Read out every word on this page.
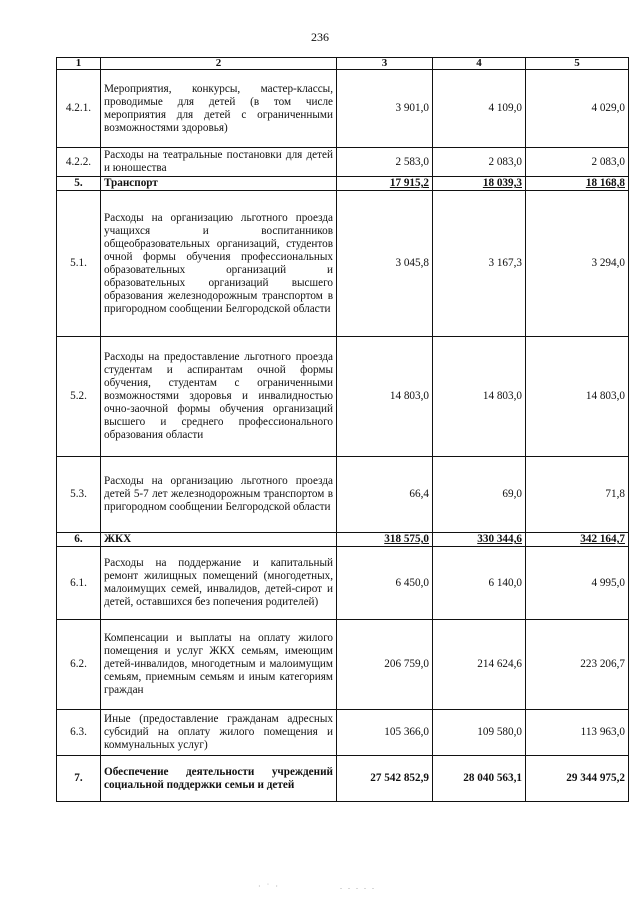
236
1	2	3	4	5
4.2.1.	Мероприятия, конкурсы, мастер-классы, проводимые для детей (в том числе мероприятия для детей с ограниченными возможностями здоровья)	3 901,0	4 109,0	4 029,0
4.2.2.	Расходы на театральные постановки для детей и юношества	2 583,0	2 083,0	2 083,0
5.	Транспорт	17 915,2	18 039,3	18 168,8
5.1.	Расходы на организацию льготного проезда учащихся и воспитанников общеобразовательных организаций, студентов очной формы обучения профессиональных образовательных организаций и образовательных организаций высшего образования железнодорожным транспортом в пригородном сообщении Белгородской области	3 045,8	3 167,3	3 294,0
5.2.	Расходы на предоставление льготного проезда студентам и аспирантам очной формы обучения, студентам с ограниченными возможностями здоровья и инвалидностью очно-заочной формы обучения организаций высшего и среднего профессионального образования области	14 803,0	14 803,0	14 803,0
5.3.	Расходы на организацию льготного проезда детей 5-7 лет железнодорожным транспортом в пригородном сообщении Белгородской области	66,4	69,0	71,8
6.	ЖКХ	318 575,0	330 344,6	342 164,7
6.1.	Расходы на поддержание и капитальный ремонт жилищных помещений (многодетных, малоимущих семей, инвалидов, детей-сирот и детей, оставшихся без попечения родителей)	6 450,0	6 140,0	4 995,0
6.2.	Компенсации и выплаты на оплату жилого помещения и услуг ЖКХ семьям, имеющим детей-инвалидов, многодетным и малоимущим семьям, приемным семьям и иным категориям граждан	206 759,0	214 624,6	223 206,7
6.3.	Иные (предоставление гражданам адресных субсидий на оплату жилого помещения и коммунальных услуг)	105 366,0	109 580,0	113 963,0
7.	Обеспечение деятельности учреждений социальной поддержки семьи и детей	27 542 852,9	28 040 563,1	29 344 975,2
· ˙ ·	. . . . .
